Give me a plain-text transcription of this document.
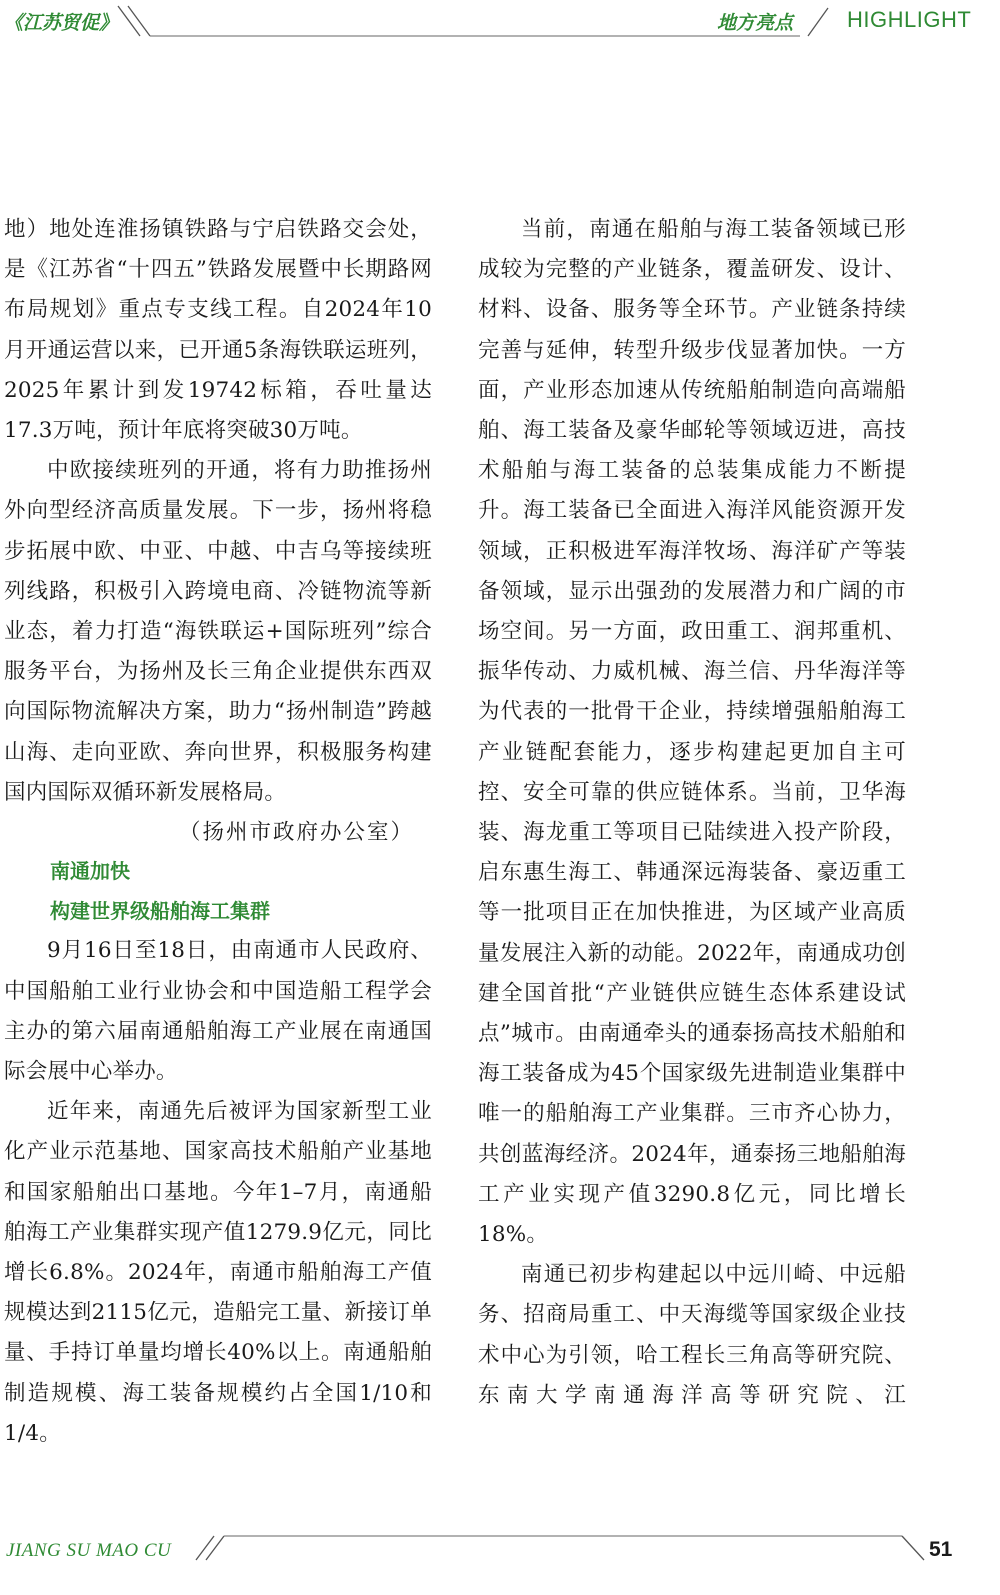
《江苏贸促》	地方亮点 HIGHLIGHT

地）地处连淮扬镇铁路与宁启铁路交会处，是《江苏省“十四五”铁路发展暨中长期路网布局规划》重点专支线工程。自2024年10月开通运营以来，已开通5条海铁联运班列，2025年累计到发19742标箱，吞吐量达17.3万吨，预计年底将突破30万吨。

中欧接续班列的开通，将有力助推扬州外向型经济高质量发展。下一步，扬州将稳步拓展中欧、中亚、中越、中吉乌等接续班列线路，积极引入跨境电商、冷链物流等新业态，着力打造“海铁联运+国际班列”综合服务平台，为扬州及长三角企业提供东西双向国际物流解决方案，助力“扬州制造”跨越山海、走向亚欧、奔向世界，积极服务构建国内国际双循环新发展格局。
（扬州市政府办公室）

南通加快构建世界级船舶海工集群

9月16日至18日，由南通市人民政府、中国船舶工业行业协会和中国造船工程学会主办的第六届南通船舶海工产业展在南通国际会展中心举办。

近年来，南通先后被评为国家新型工业化产业示范基地、国家高技术船舶产业基地和国家船舶出口基地。今年1–7月，南通船舶海工产业集群实现产值1279.9亿元，同比增长6.8%。2024年，南通市船舶海工产值规模达到2115亿元，造船完工量、新接订单量、手持订单量均增长40%以上。南通船舶制造规模、海工装备规模约占全国1/10和1/4。

当前，南通在船舶与海工装备领域已形成较为完整的产业链条，覆盖研发、设计、材料、设备、服务等全环节。产业链条持续完善与延伸，转型升级步伐显著加快。一方面，产业形态加速从传统船舶制造向高端船舶、海工装备及豪华邮轮等领域迈进，高技术船舶与海工装备的总装集成能力不断提升。海工装备已全面进入海洋风能资源开发领域，正积极进军海洋牧场、海洋矿产等装备领域，显示出强劲的发展潜力和广阔的市场空间。另一方面，政田重工、润邦重机、振华传动、力威机械、海兰信、丹华海洋等为代表的一批骨干企业，持续增强船舶海工产业链配套能力，逐步构建起更加自主可控、安全可靠的供应链体系。当前，卫华海装、海龙重工等项目已陆续进入投产阶段，启东惠生海工、韩通深远海装备、豪迈重工等一批项目正在加快推进，为区域产业高质量发展注入新的动能。2022年，南通成功创建全国首批“产业链供应链生态体系建设试点”城市。由南通牵头的通泰扬高技术船舶和海工装备成为45个国家级先进制造业集群中唯一的船舶海工产业集群。三市齐心协力，共创蓝海经济。2024年，通泰扬三地船舶海工产业实现产值3290.8亿元，同比增长18%。

南通已初步构建起以中远川崎、中远船务、招商局重工、中天海缆等国家级企业技术中心为引领，哈工程长三角高等研究院、东南大学南通海洋高等研究院、江

JIANG SU MAO CU	51
